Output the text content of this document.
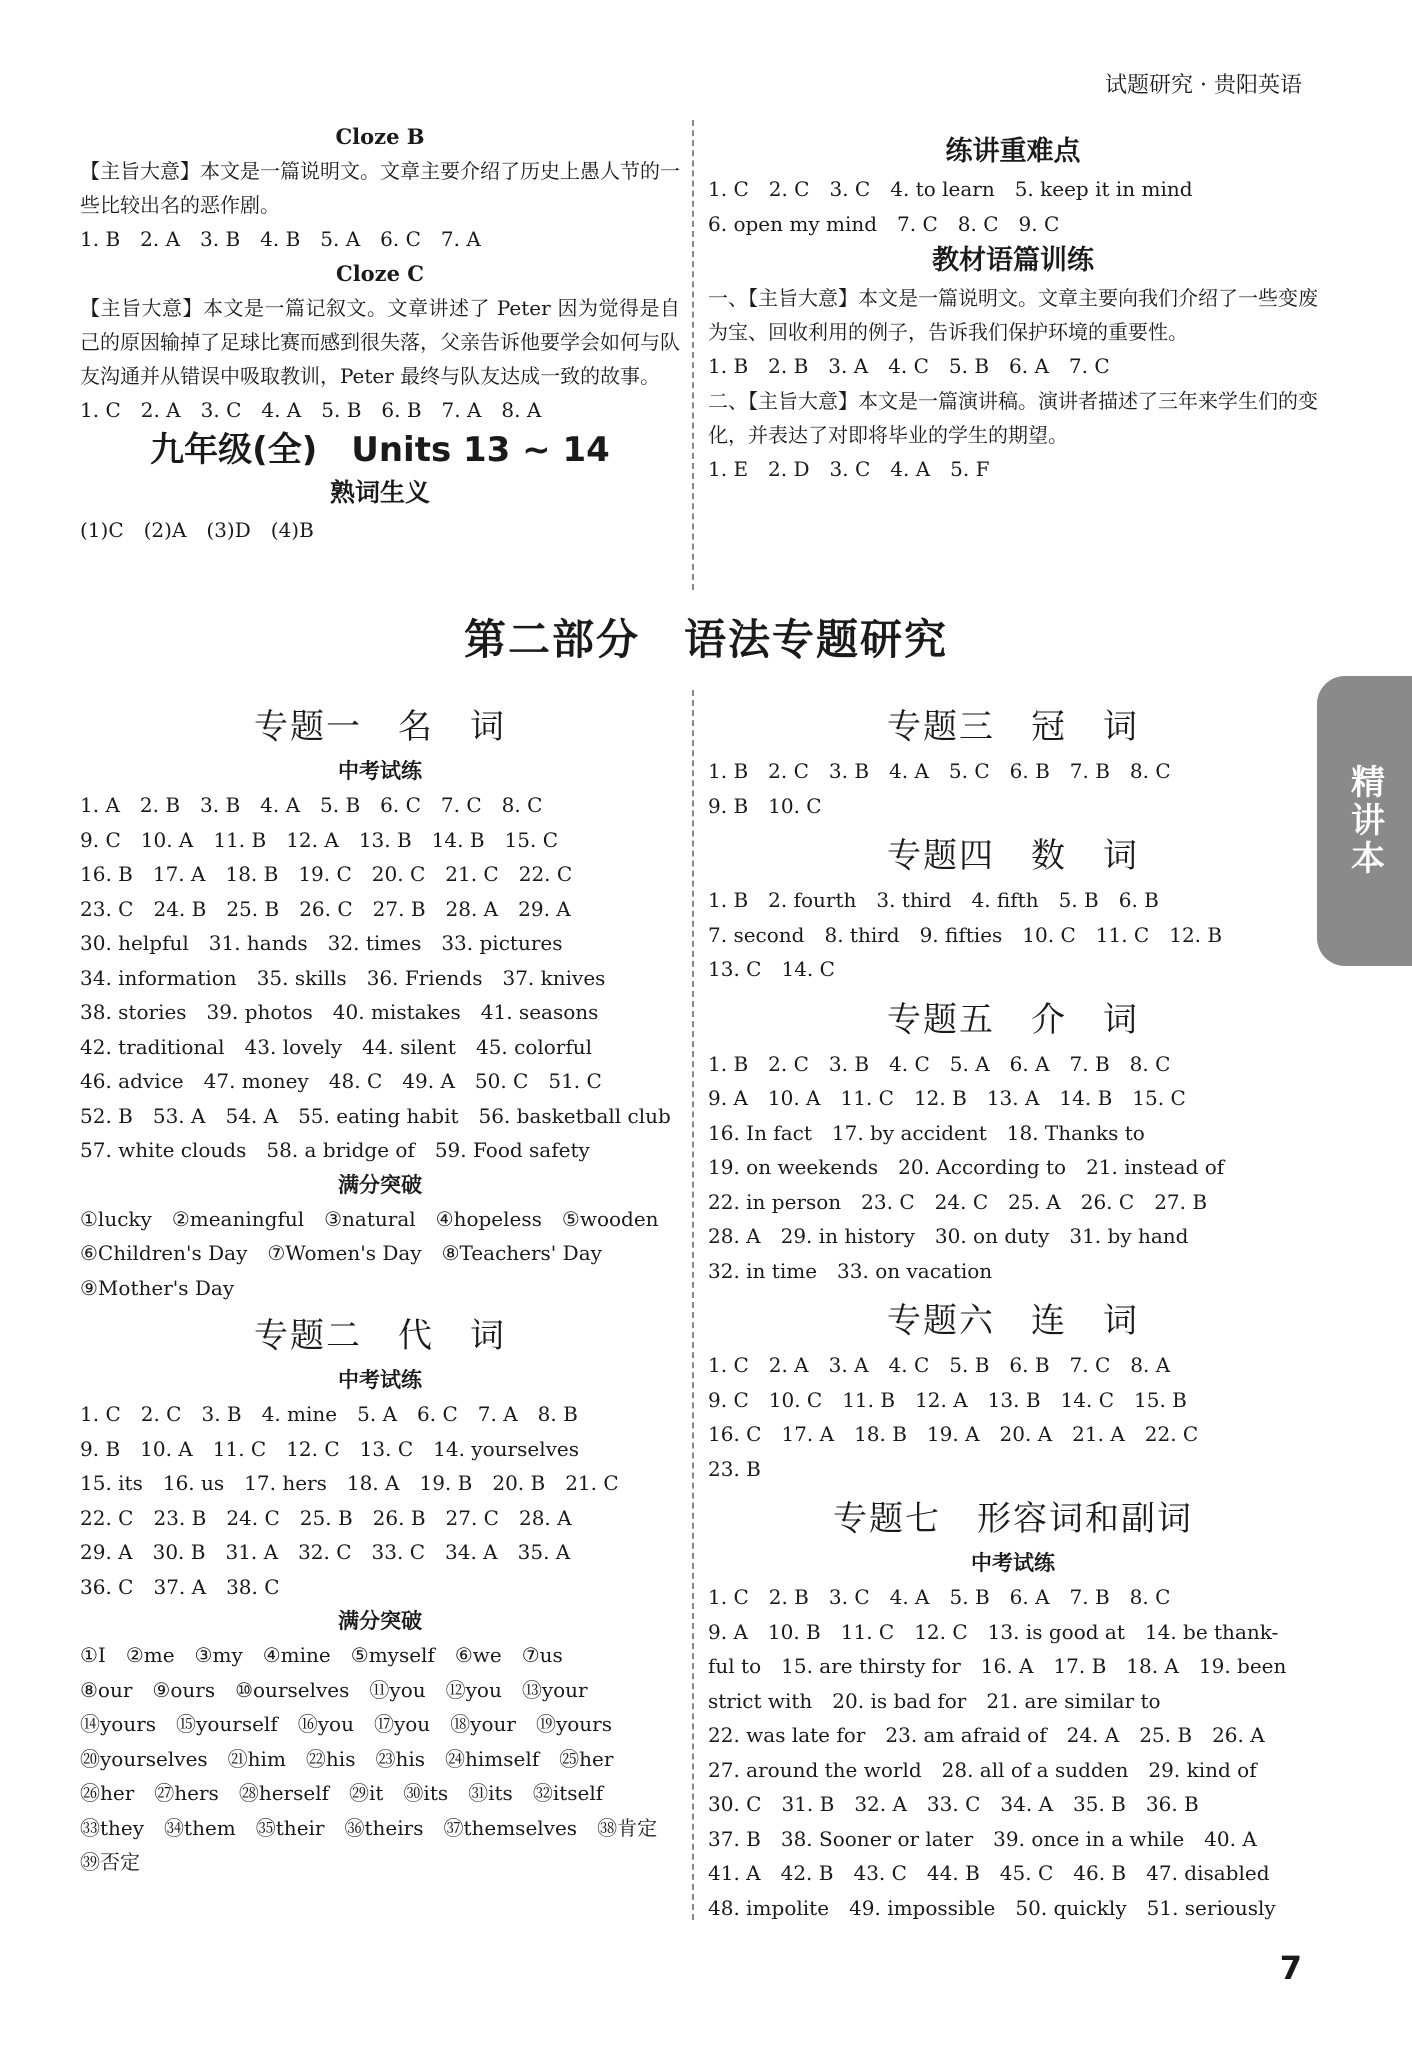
试题研究 · 贵阳英语
精讲本
Cloze B
【主旨大意】本文是一篇说明文。文章主要介绍了历史上愚人节的一些比较出名的恶作剧。
1. B　2. A　3. B　4. B　5. A　6. C　7. A
Cloze C
【主旨大意】本文是一篇记叙文。文章讲述了 Peter 因为觉得是自己的原因输掉了足球比赛而感到很失落，父亲告诉他要学会如何与队友沟通并从错误中吸取教训，Peter 最终与队友达成一致的故事。
1. C　2. A　3. C　4. A　5. B　6. B　7. A　8. A
九年级(全)　Units 13 ~ 14
熟词生义
(1)C　(2)A　(3)D　(4)B
练讲重难点
1. C　2. C　3. C　4. to learn　5. keep it in mind
6. open my mind　7. C　8. C　9. C
教材语篇训练
一、【主旨大意】本文是一篇说明文。文章主要向我们介绍了一些变废为宝、回收利用的例子，告诉我们保护环境的重要性。
1. B　2. B　3. A　4. C　5. B　6. A　7. C
二、【主旨大意】本文是一篇演讲稿。演讲者描述了三年来学生们的变化，并表达了对即将毕业的学生的期望。
1. E　2. D　3. C　4. A　5. F
第二部分　语法专题研究
专题一　名　词
中考试练
1. A　2. B　3. B　4. A　5. B　6. C　7. C　8. C
9. C　10. A　11. B　12. A　13. B　14. B　15. C
16. B　17. A　18. B　19. C　20. C　21. C　22. C
23. C　24. B　25. B　26. C　27. B　28. A　29. A
30. helpful　31. hands　32. times　33. pictures
34. information　35. skills　36. Friends　37. knives
38. stories　39. photos　40. mistakes　41. seasons
42. traditional　43. lovely　44. silent　45. colorful
46. advice　47. money　48. C　49. A　50. C　51. C
52. B　53. A　54. A　55. eating habit　56. basketball club
57. white clouds　58. a bridge of　59. Food safety
满分突破
①lucky　②meaningful　③natural　④hopeless　⑤wooden
⑥Children's Day　⑦Women's Day　⑧Teachers' Day
⑨Mother's Day
专题二　代　词
中考试练
1. C　2. C　3. B　4. mine　5. A　6. C　7. A　8. B
9. B　10. A　11. C　12. C　13. C　14. yourselves
15. its　16. us　17. hers　18. A　19. B　20. B　21. C
22. C　23. B　24. C　25. B　26. B　27. C　28. A
29. A　30. B　31. A　32. C　33. C　34. A　35. A
36. C　37. A　38. C
满分突破
①I　②me　③my　④mine　⑤myself　⑥we　⑦us
⑧our　⑨ours　⑩ourselves　⑪you　⑫you　⑬your
⑭yours　⑮yourself　⑯you　⑰you　⑱your　⑲yours
⑳yourselves　㉑him　㉒his　㉓his　㉔himself　㉕her
㉖her　㉗hers　㉘herself　㉙it　㉚its　㉛its　㉜itself
㉝they　㉞them　㉟their　㊱theirs　㊲themselves　㊳肯定
㊴否定
专题三　冠　词
1. B　2. C　3. B　4. A　5. C　6. B　7. B　8. C
9. B　10. C
专题四　数　词
1. B　2. fourth　3. third　4. fifth　5. B　6. B
7. second　8. third　9. fifties　10. C　11. C　12. B
13. C　14. C
专题五　介　词
1. B　2. C　3. B　4. C　5. A　6. A　7. B　8. C
9. A　10. A　11. C　12. B　13. A　14. B　15. C
16. In fact　17. by accident　18. Thanks to
19. on weekends　20. According to　21. instead of
22. in person　23. C　24. C　25. A　26. C　27. B
28. A　29. in history　30. on duty　31. by hand
32. in time　33. on vacation
专题六　连　词
1. C　2. A　3. A　4. C　5. B　6. B　7. C　8. A
9. C　10. C　11. B　12. A　13. B　14. C　15. B
16. C　17. A　18. B　19. A　20. A　21. A　22. C
23. B
专题七　形容词和副词
中考试练
1. C　2. B　3. C　4. A　5. B　6. A　7. B　8. C
9. A　10. B　11. C　12. C　13. is good at　14. be thank-
ful to　15. are thirsty for　16. A　17. B　18. A　19. been
strict with　20. is bad for　21. are similar to
22. was late for　23. am afraid of　24. A　25. B　26. A
27. around the world　28. all of a sudden　29. kind of
30. C　31. B　32. A　33. C　34. A　35. B　36. B
37. B　38. Sooner or later　39. once in a while　40. A
41. A　42. B　43. C　44. B　45. C　46. B　47. disabled
48. impolite　49. impossible　50. quickly　51. seriously
7
